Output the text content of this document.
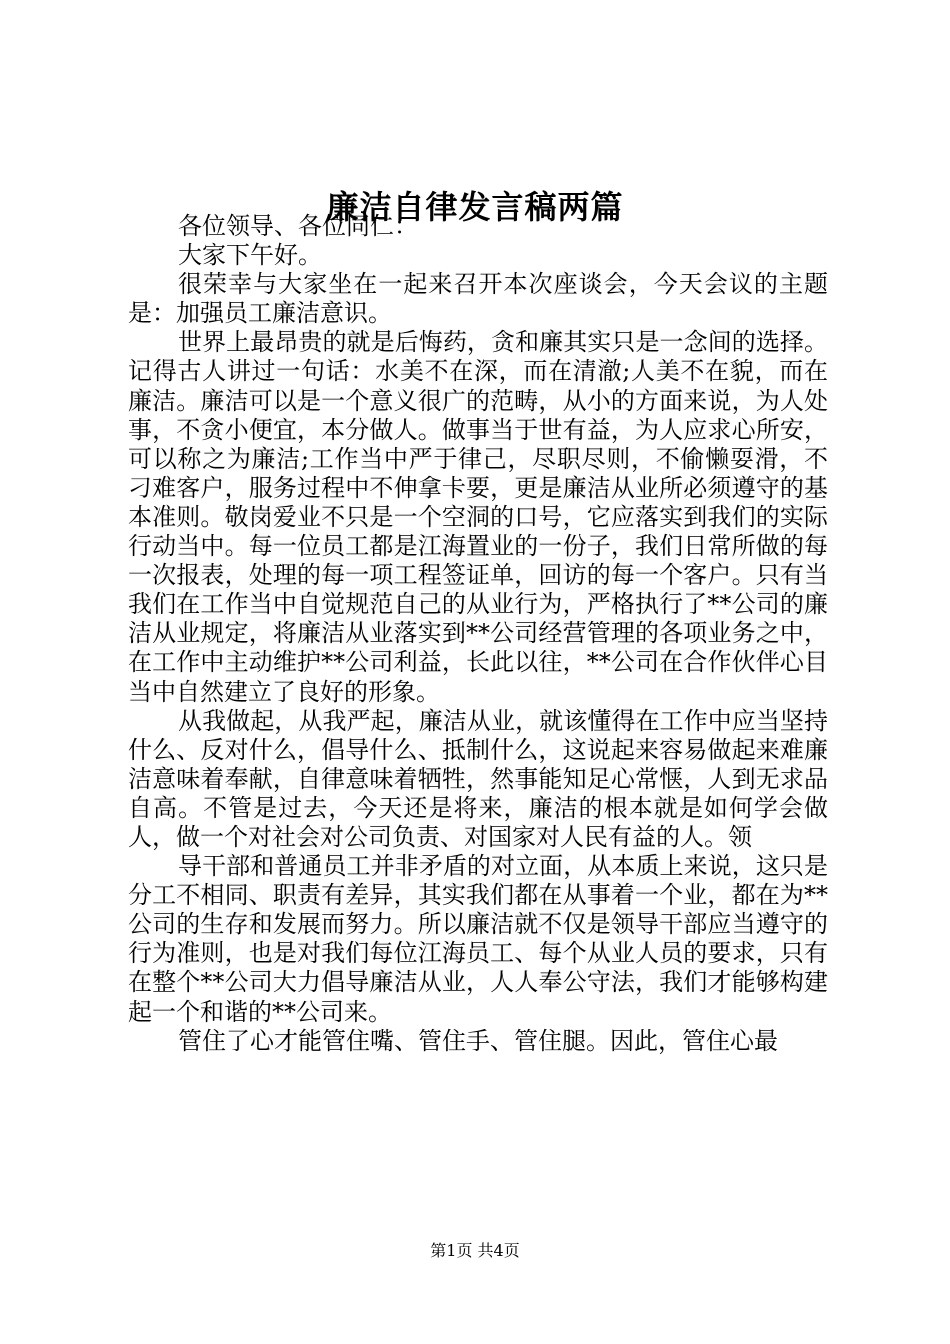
廉洁自律发言稿两篇

各位领导、各位同仁：

大家下午好。

很荣幸与大家坐在一起来召开本次座谈会，今天会议的主题是：加强员工廉洁意识。

世界上最昂贵的就是后悔药，贪和廉其实只是一念间的选择。记得古人讲过一句话：水美不在深，而在清澈;人美不在貌，而在廉洁。廉洁可以是一个意义很广的范畴，从小的方面来说，为人处事，不贪小便宜，本分做人。做事当于世有益，为人应求心所安，可以称之为廉洁;工作当中严于律己，尽职尽则，不偷懒耍滑，不刁难客户，服务过程中不伸拿卡要，更是廉洁从业所必须遵守的基本准则。敬岗爱业不只是一个空洞的口号，它应落实到我们的实际行动当中。每一位员工都是江海置业的一份子，我们日常所做的每一次报表，处理的每一项工程签证单，回访的每一个客户。只有当我们在工作当中自觉规范自己的从业行为，严格执行了**公司的廉洁从业规定，将廉洁从业落实到**公司经营管理的各项业务之中，在工作中主动维护**公司利益，长此以往，**公司在合作伙伴心目当中自然建立了良好的形象。

从我做起，从我严起，廉洁从业，就该懂得在工作中应当坚持什么、反对什么，倡导什么、抵制什么，这说起来容易做起来难廉洁意味着奉献，自律意味着牺牲，然事能知足心常惬，人到无求品自高。不管是过去，今天还是将来，廉洁的根本就是如何学会做人，做一个对社会对公司负责、对国家对人民有益的人。领

导干部和普通员工并非矛盾的对立面，从本质上来说，这只是分工不相同、职责有差异，其实我们都在从事着一个业，都在为**公司的生存和发展而努力。所以廉洁就不仅是领导干部应当遵守的行为准则，也是对我们每位江海员工、每个从业人员的要求，只有在整个**公司大力倡导廉洁从业，人人奉公守法，我们才能够构建起一个和谐的**公司来。

管住了心才能管住嘴、管住手、管住腿。因此，管住心最

第1页 共4页
